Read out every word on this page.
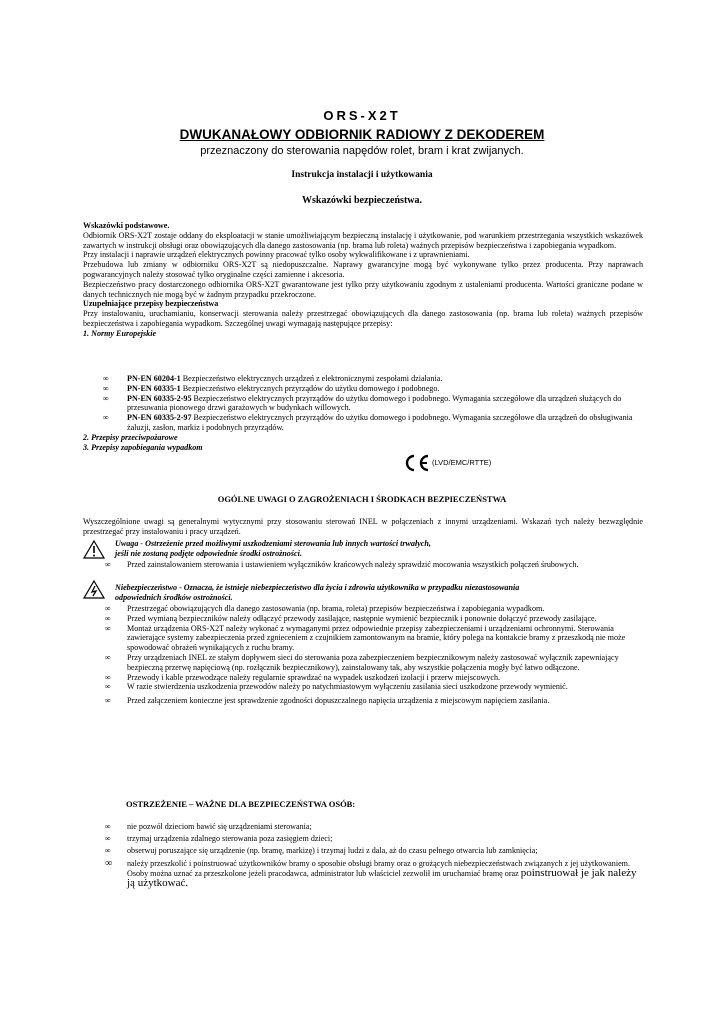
ORS-X2T
DWUKANAŁOWY ODBIORNIK RADIOWY Z DEKODEREM
przeznaczony do sterowania napędów rolet, bram i krat zwijanych.
Instrukcja instalacji i użytkowania
Wskazówki bezpieczeństwa.

Wskazówki podstawowe.

Odbiornik ORS-X2T zostaje oddany do eksploatacji w stanie umożliwiającym bezpieczną instalację i użytkowanie, pod warunkiem przestrzegania wszystkich wskazówek zawartych w instrukcji obsługi oraz obowiązujących dla danego zastosowania (np. brama lub roleta) ważnych przepisów bezpieczeństwa i zapobiegania wypadkom.

Przy instalacji i naprawie urządzeń elektrycznych powinny pracować tylko osoby wykwalifikowane i z uprawnieniami.

Przebudowa lub zmiany w odbiorniku ORS-X2T są niedopuszczalne. Naprawy gwarancyjne mogą być wykonywane tylko przez producenta. Przy naprawach pogwarancyjnych należy stosować tylko oryginalne części zamienne i akcesoria.

Bezpieczeństwo pracy dostarczonego odbiornika ORS-X2T gwarantowane jest tylko przy użytkowaniu zgodnym z ustaleniami producenta. Wartości graniczne podane w danych technicznych nie mogą być w żadnym przypadku przekroczone.

Uzupełniające przepisy bezpieczeństwa

Przy instalowaniu, uruchamianiu, konserwacji sterowania należy przestrzegać obowiązujących dla danego zastosowania (np. brama lub roleta) ważnych przepisów bezpieczeństwa i zapobiegania wypadkom. Szczególnej uwagi wymagają następujące przepisy:

1. Normy Europejskie

∞ PN-EN 60204-1 Bezpieczeństwo elektrycznych urządzeń z elektronicznymi zespołami działania.
∞ PN-EN 60335-1 Bezpieczeństwo elektrycznych przyrządów do użytku domowego i podobnego.
∞ PN-EN 60335-2-95 Bezpieczeństwo elektrycznych przyrządów do użytku domowego i podobnego. Wymagania szczegółowe dla urządzeń służących do przesuwania pionowego drzwi garażowych w budynkach willowych.
∞ PN-EN 60335-2-97 Bezpieczeństwo elektrycznych przyrządów do użytku domowego i podobnego. Wymagania szczegółowe dla urządzeń do obsługiwania żaluzji, zasłon, markiz i podobnych przyrządów.
2. Przepisy przeciwpożarowe
3. Przepisy zapobiegania wypadkom
(LVD/EMC/RTTE)
OGÓLNE UWAGI O ZAGROŻENIACH I ŚRODKACH BEZPIECZEŃSTWA
Wyszczególnione uwagi są generalnymi wytycznymi przy stosowaniu sterowań INEL w połączeniach z innymi urządzeniami. Wskazań tych należy bezwzględnie przestrzegać przy instalowaniu i pracy urządzeń.
Uwaga - Ostrzeżenie przed możliwymi uszkodzeniami sterowania lub innych wartości trwałych,
jeśli nie zostaną podjęte odpowiednie środki ostrożności.
∞ Przed zainstalowaniem sterowania i ustawieniem wyłączników krańcowych należy sprawdzić mocowania wszystkich połączeń śrubowych.
Niebezpieczeństwo - Oznacza, że istnieje niebezpieczeństwo dla życia i zdrowia użytkownika w przypadku niezastosowania
odpowiednich środków ostrożności.
∞ Przestrzegać obowiązujących dla danego zastosowania (np. brama, roleta) przepisów bezpieczeństwa i zapobiegania wypadkom.
∞ Przed wymianą bezpieczników należy odłączyć przewody zasilające, następnie wymienić bezpiecznik i ponownie dołączyć przewody zasilające.
∞ Montaż urządzenia ORS-X2T należy wykonać z wymaganymi przez odpowiednie przepisy zabezpieczeniami i urządzeniami ochronnymi. Sterowania zawierające systemy zabezpieczenia przed zgnieceniem z czujnikiem zamontowanym na bramie, który polega na kontakcie bramy z przeszkodą nie może spowodować obrażeń wynikających z ruchu bramy.
∞ Przy urządzeniach INEL ze stałym dopływem sieci do sterowania poza zabezpieczeniem bezpiecznikowym należy zastosować wyłącznik zapewniający bezpieczną przerwę napięciową (np. rozłącznik bezpiecznikowy), zainstalowany tak, aby wszystkie połączenia mogły być łatwo odłączone.
∞ Przewody i kable przewodzące należy regularnie sprawdzać na wypadek uszkodzeń izolacji i przerw miejscowych.
∞ W razie stwierdzenia uszkodzenia przewodów należy po natychmiastowym wyłączeniu zasilania sieci uszkodzone przewody wymienić.
∞ Przed załączeniem konieczne jest sprawdzenie zgodności dopuszczalnego napięcia urządzenia z miejscowym napięciem zasilania.
OSTRZEŻENIE – WAŻNE DLA BEZPIECZEŃSTWA OSÓB:
∞ nie pozwól dzieciom bawić się urządzeniami sterowania;
∞ trzymaj urządzenia zdalnego sterowania poza zasięgiem dzieci;
∞ obserwuj poruszające się urządzenie (np. bramę, markizę) i trzymaj ludzi z dala, aż do czasu pełnego otwarcia lub zamknięcia;
∞ należy przeszkolić i poinstruować użytkowników bramy o sposobie obsługi bramy oraz o grożących niebezpieczeństwach związanych z jej użytkowaniem. Osoby można uznać za przeszkolone jeżeli pracodawca, administrator lub właściciel zezwolił im uruchamiać bramę oraz poinstruował je jak należy ją użytkować.
